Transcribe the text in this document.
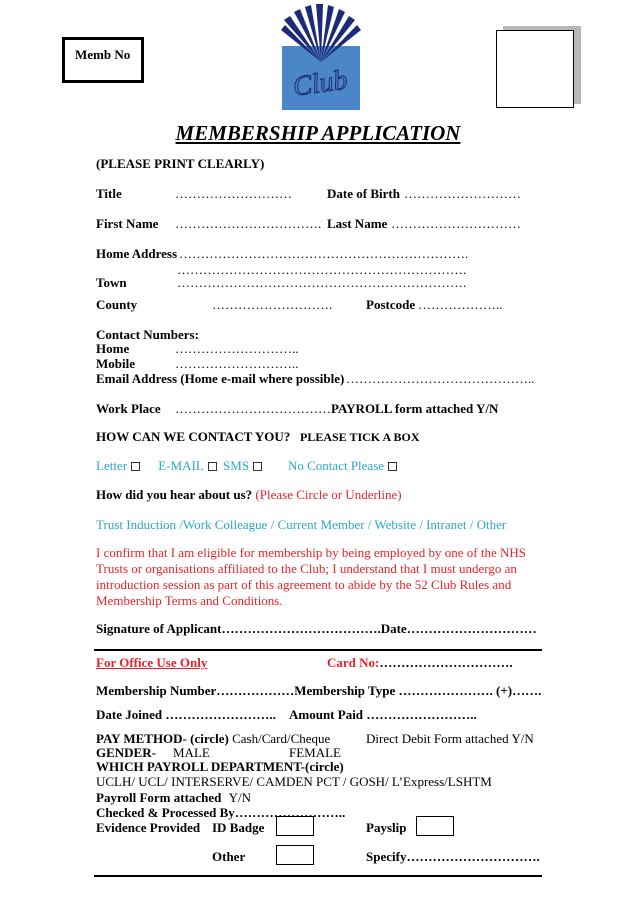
Memb No
Club
MEMBERSHIP APPLICATION
(PLEASE PRINT CLEARLY)
Title	………………………	Date of Birth ………………………
First Name ……………………………. Last Name …………………………
Home Address ………………………………………………………….
………………………………………………………….
Town	………………………………………………………….
County	……………………….	Postcode ………………..
Contact Numbers:
Home	………………………..
Mobile	………………………..
Email Address (Home e-mail where possible) ……………………………………..
Work Place ……………………………… PAYROLL form attached Y/N
HOW CAN WE CONTACT YOU? PLEASE TICK A BOX
Letter E-MAIL SMS	No Contact Please
How did you hear about us? (Please Circle or Underline)
Trust Induction /Work Colleague / Current Member / Website / Intranet / Other
I confirm that I am eligible for membership by being employed by one of the NHS Trusts or organisations affiliated to the Club; I understand that I must undergo an introduction session as part of this agreement to abide by the 52 Club Rules and Membership Terms and Conditions.
Signature of Applicant……………………………….Date…………………………
For Office Use Only	Card No:………………………….
Membership Number………………Membership Type …………………. (+)…….
Date Joined …………………….. Amount Paid ……………………..
PAY METHOD- (circle) Cash/Card/Cheque	Direct Debit Form attached Y/N
GENDER- MALE	FEMALE
WHICH PAYROLL DEPARTMENT-(circle)
UCLH/ UCL/ INTERSERVE/ CAMDEN PCT / GOSH/ L’Express/LSHTM
Payroll Form attached Y/N
Checked & Processed By……………………..
Evidence Provided ID Badge	Payslip
Other	Specify………………………….
